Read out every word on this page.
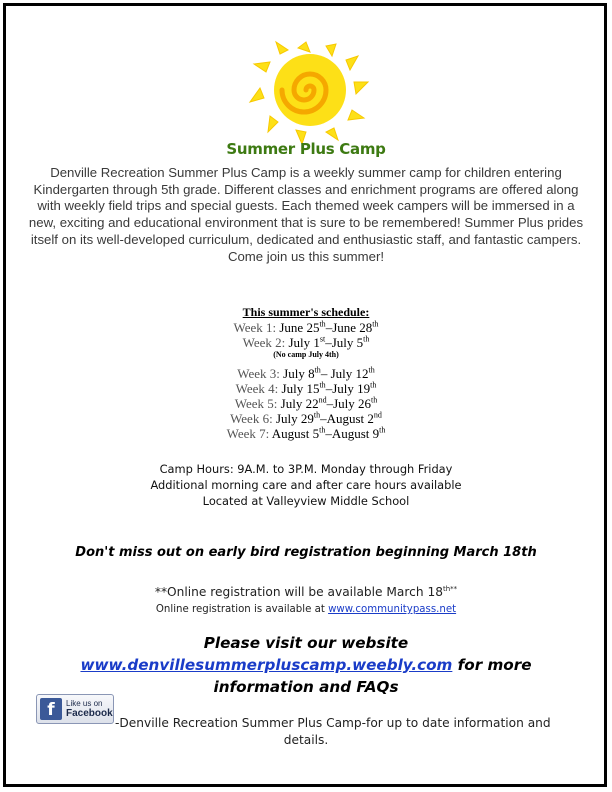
Summer Plus Camp
Denville Recreation Summer Plus Camp is a weekly summer camp for children entering Kindergarten through 5th grade. Different classes and enrichment programs are offered along with weekly field trips and special guests. Each themed week campers will be immersed in a new, exciting and educational environment that is sure to be remembered! Summer Plus prides itself on its well-developed curriculum, dedicated and enthusiastic staff, and fantastic campers.
Come join us this summer!
This summer's schedule:
Week 1: June 25th–June 28th
Week 2: July 1st–July 5th
(No camp July 4th)
Week 3: July 8th– July 12th
Week 4: July 15th–July 19th
Week 5: July 22nd–July 26th
Week 6: July 29th–August 2nd
Week 7: August 5th–August 9th
Camp Hours: 9A.M. to 3P.M. Monday through Friday
Additional morning care and after care hours available
Located at Valleyview Middle School
Don't miss out on early bird registration beginning March 18th
**Online registration will be available March $18^{th**}$
Online registration is available at www.communitypass.net
Please visit our website www.denvillesummerpluscamp.weebly.com for more information and FAQs
f	Like us on
Facebook
-Denville Recreation Summer Plus Camp-for up to date information and
details.
